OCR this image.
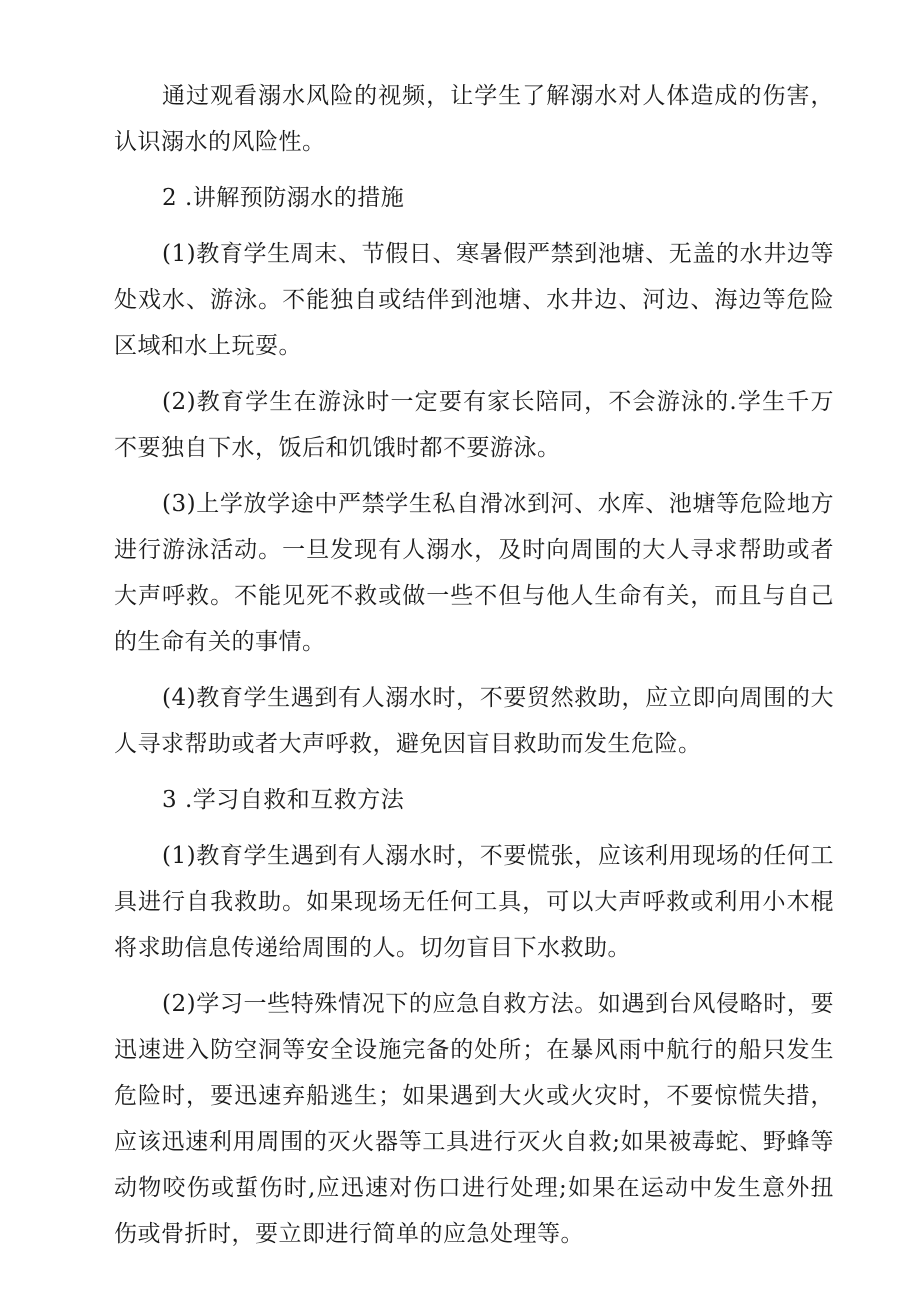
通过观看溺水风险的视频，让学生了解溺水对人体造成的伤害，认识溺水的风险性。

2 .讲解预防溺水的措施

(1)教育学生周末、节假日、寒暑假严禁到池塘、无盖的水井边等处戏水、游泳。不能独自或结伴到池塘、水井边、河边、海边等危险区域和水上玩耍。

(2)教育学生在游泳时一定要有家长陪同，不会游泳的.学生千万不要独自下水，饭后和饥饿时都不要游泳。

(3)上学放学途中严禁学生私自滑冰到河、水库、池塘等危险地方进行游泳活动。一旦发现有人溺水，及时向周围的大人寻求帮助或者大声呼救。不能见死不救或做一些不但与他人生命有关，而且与自己的生命有关的事情。

(4)教育学生遇到有人溺水时，不要贸然救助，应立即向周围的大人寻求帮助或者大声呼救，避免因盲目救助而发生危险。

3 .学习自救和互救方法

(1)教育学生遇到有人溺水时，不要慌张，应该利用现场的任何工具进行自我救助。如果现场无任何工具，可以大声呼救或利用小木棍将求助信息传递给周围的人。切勿盲目下水救助。

(2)学习一些特殊情况下的应急自救方法。如遇到台风侵略时，要迅速进入防空洞等安全设施完备的处所；在暴风雨中航行的船只发生危险时，要迅速弃船逃生；如果遇到大火或火灾时，不要惊慌失措，应该迅速利用周围的灭火器等工具进行灭火自救;如果被毒蛇、野蜂等动物咬伤或蜇伤时,应迅速对伤口进行处理;如果在运动中发生意外扭伤或骨折时，要立即进行简单的应急处理等。
